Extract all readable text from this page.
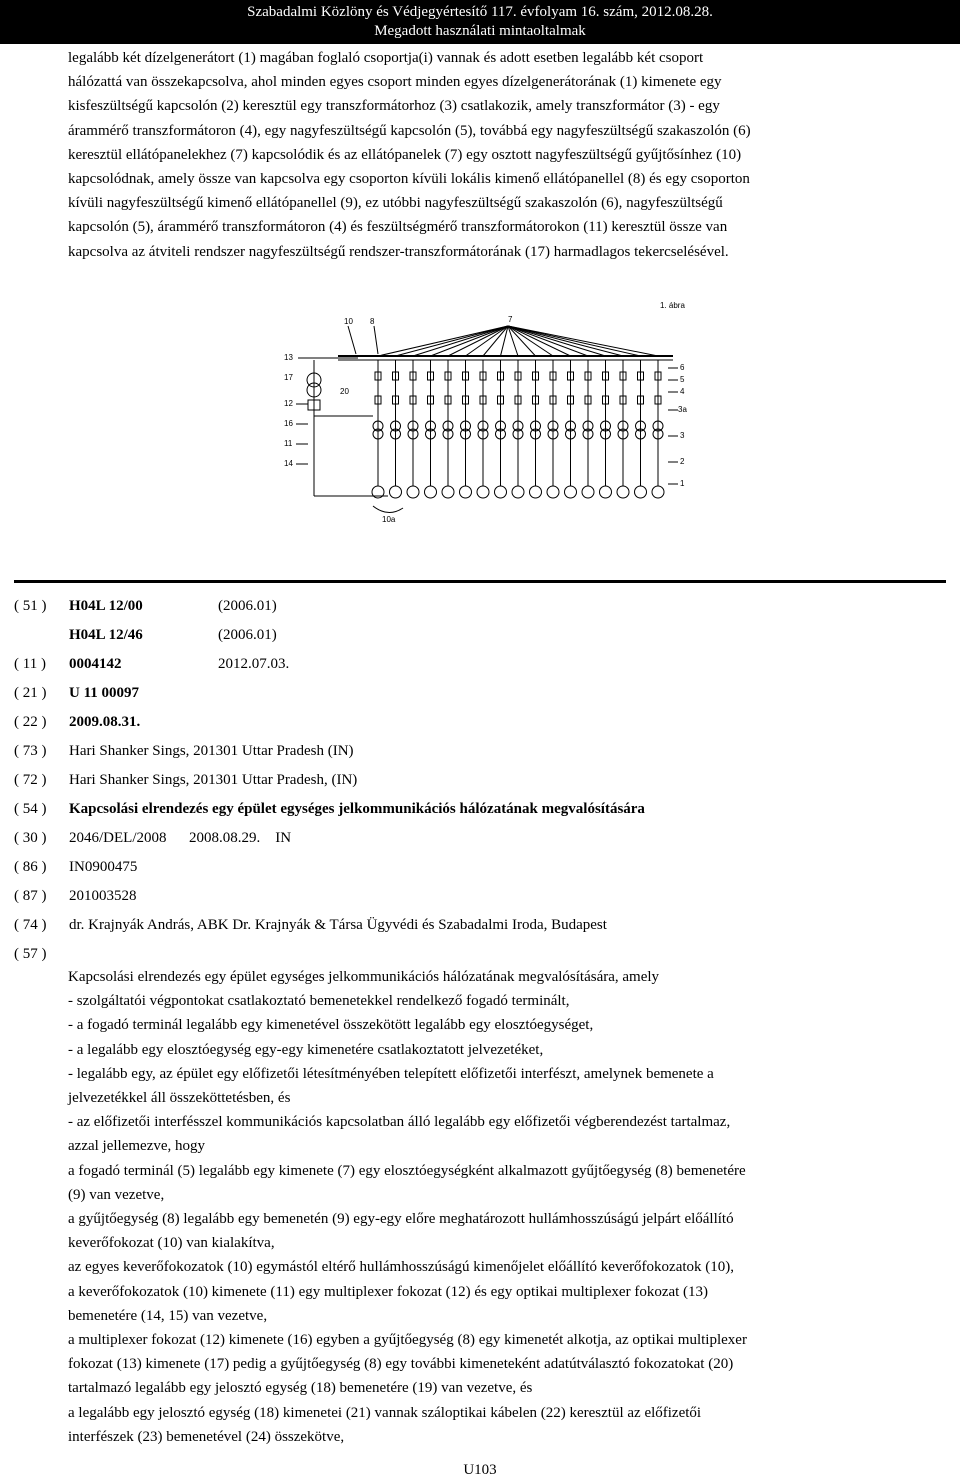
Szabadalmi Közlöny és Védjegyértesítő 117. évfolyam 16. szám, 2012.08.28.
Megadott használati mintaoltalmak
legalább két dízelgenerátort (1) magában foglaló csoportja(i) vannak és adott esetben legalább két csoport
hálózattá van összekapcsolva, ahol minden egyes csoport minden egyes dízelgenerátorának (1) kimenete egy
kisfeszültségű kapcsolón (2) keresztül egy transzformátorhoz (3) csatlakozik, amely transzformátor (3) - egy
árammérő transzformátoron (4), egy nagyfeszültségű kapcsolón (5), továbbá egy nagyfeszültségű szakaszolón (6)
keresztül ellátópanelekhez (7) kapcsolódik és az ellátópanelek (7) egy osztott nagyfeszültségű gyűjtősínhez (10)
kapcsolódnak, amely össze van kapcsolva egy csoporton kívüli lokális kimenő ellátópanellel (8) és egy csoporton
kívüli nagyfeszültségű kimenő ellátópanellel (9), ez utóbbi nagyfeszültségű szakaszolón (6), nagyfeszültségű
kapcsolón (5), árammérő transzformátoron (4) és feszültségmérő transzformátorokon (11) keresztül össze van
kapcsolva az átviteli rendszer nagyfeszültségű rendszer-transzformátorának (17) harmadlagos tekercselésével.
1. ábra
10 8	7
13
17
20
12
16
11
14
6
5
4
3a
3
2
1
10a
( 51 )	H04L 12/00	(2006.01)
H04L 12/46	(2006.01)
( 11 )	0004142	2012.07.03.
( 21 )	U 11 00097
( 22 )	2009.08.31.
( 73 )	Hari Shanker Sings, 201301 Uttar Pradesh (IN)
( 72 )	Hari Shanker Sings, 201301 Uttar Pradesh, (IN)
( 54 )	Kapcsolási elrendezés egy épület egységes jelkommunikációs hálózatának megvalósítására
( 30 )	2046/DEL/2008      2008.08.29.    IN
( 86 )	IN0900475
( 87 )	201003528
( 74 )	dr. Krajnyák András, ABK Dr. Krajnyák & Társa Ügyvédi és Szabadalmi Iroda, Budapest
( 57 )
Kapcsolási elrendezés egy épület egységes jelkommunikációs hálózatának megvalósítására, amely
- szolgáltatói végpontokat csatlakoztató bemenetekkel rendelkező fogadó terminált,
- a fogadó terminál legalább egy kimenetével összekötött legalább egy elosztóegységet,
- a legalább egy elosztóegység egy-egy kimenetére csatlakoztatott jelvezetéket,
- legalább egy, az épület egy előfizetői létesítményében telepített előfizetői interfészt, amelynek bemenete a
jelvezetékkel áll összeköttetésben, és
- az előfizetői interfésszel kommunikációs kapcsolatban álló legalább egy előfizetői végberendezést tartalmaz,
azzal jellemezve, hogy
a fogadó terminál (5) legalább egy kimenete (7) egy elosztóegységként alkalmazott gyűjtőegység (8) bemenetére
(9) van vezetve,
a gyűjtőegység (8) legalább egy bemenetén (9) egy-egy előre meghatározott hullámhosszúságú jelpárt előállító
keverőfokozat (10) van kialakítva,
az egyes keverőfokozatok (10) egymástól eltérő hullámhosszúságú kimenőjelet előállító keverőfokozatok (10),
a keverőfokozatok (10) kimenete (11) egy multiplexer fokozat (12) és egy optikai multiplexer fokozat (13)
bemenetére (14, 15) van vezetve,
a multiplexer fokozat (12) kimenete (16) egyben a gyűjtőegység (8) egy kimenetét alkotja, az optikai multiplexer
fokozat (13) kimenete (17) pedig a gyűjtőegység (8) egy további kimeneteként adatútválasztó fokozatokat (20)
tartalmazó legalább egy jelosztó egység (18) bemenetére (19) van vezetve, és
a legalább egy jelosztó egység (18) kimenetei (21) vannak száloptikai kábelen (22) keresztül az előfizetői
interfészek (23) bemenetével (24) összekötve,
U103
